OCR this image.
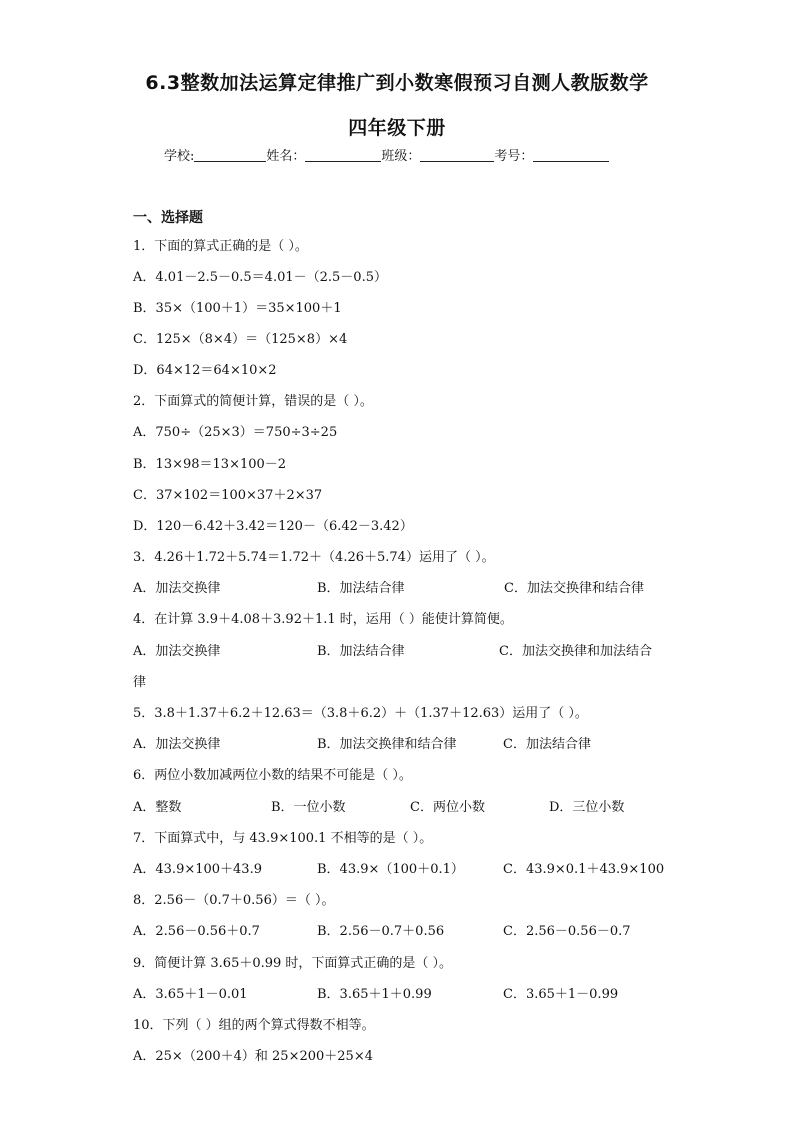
6.3整数加法运算定律推广到小数寒假预习自测人教版数学
四年级下册
学校:	姓名：	班级：	考号：
一、选择题
1．下面的算式正确的是（ ）。
A．4.01－2.5－0.5＝4.01－（2.5－0.5）
B．35×（100＋1）＝35×100＋1
C．125×（8×4）＝（125×8）×4
D．64×12＝64×10×2
2．下面算式的简便计算，错误的是（ ）。
A．750÷（25×3）＝750÷3÷25
B．13×98＝13×100－2
C．37×102＝100×37＋2×37
D．120－6.42＋3.42＝120－（6.42－3.42）
3．4.26＋1.72＋5.74＝1.72＋（4.26＋5.74）运用了（ ）。
A．加法交换律	B．加法结合律	C．加法交换律和结合律
4．在计算 3.9＋4.08＋3.92＋1.1 时，运用（ ）能使计算简便。
A．加法交换律	B．加法结合律	C．加法交换律和加法结合
律
5．3.8＋1.37＋6.2＋12.63＝（3.8＋6.2）＋（1.37＋12.63）运用了（ ）。
A．加法交换律	B．加法交换律和结合律	C．加法结合律
6．两位小数加减两位小数的结果不可能是（ ）。
A．整数	B．一位小数	C．两位小数	D．三位小数
7．下面算式中，与 43.9×100.1 不相等的是（ ）。
A．43.9×100＋43.9	B．43.9×（100＋0.1）	C．43.9×0.1＋43.9×100
8．2.56－（0.7＋0.56）＝（ ）。
A．2.56－0.56＋0.7	B．2.56－0.7＋0.56	C．2.56－0.56－0.7
9．简便计算 3.65＋0.99 时，下面算式正确的是（ ）。
A．3.65＋1－0.01	B．3.65＋1＋0.99	C．3.65＋1－0.99
10．下列（ ）组的两个算式得数不相等。
A．25×（200＋4）和 25×200＋25×4
